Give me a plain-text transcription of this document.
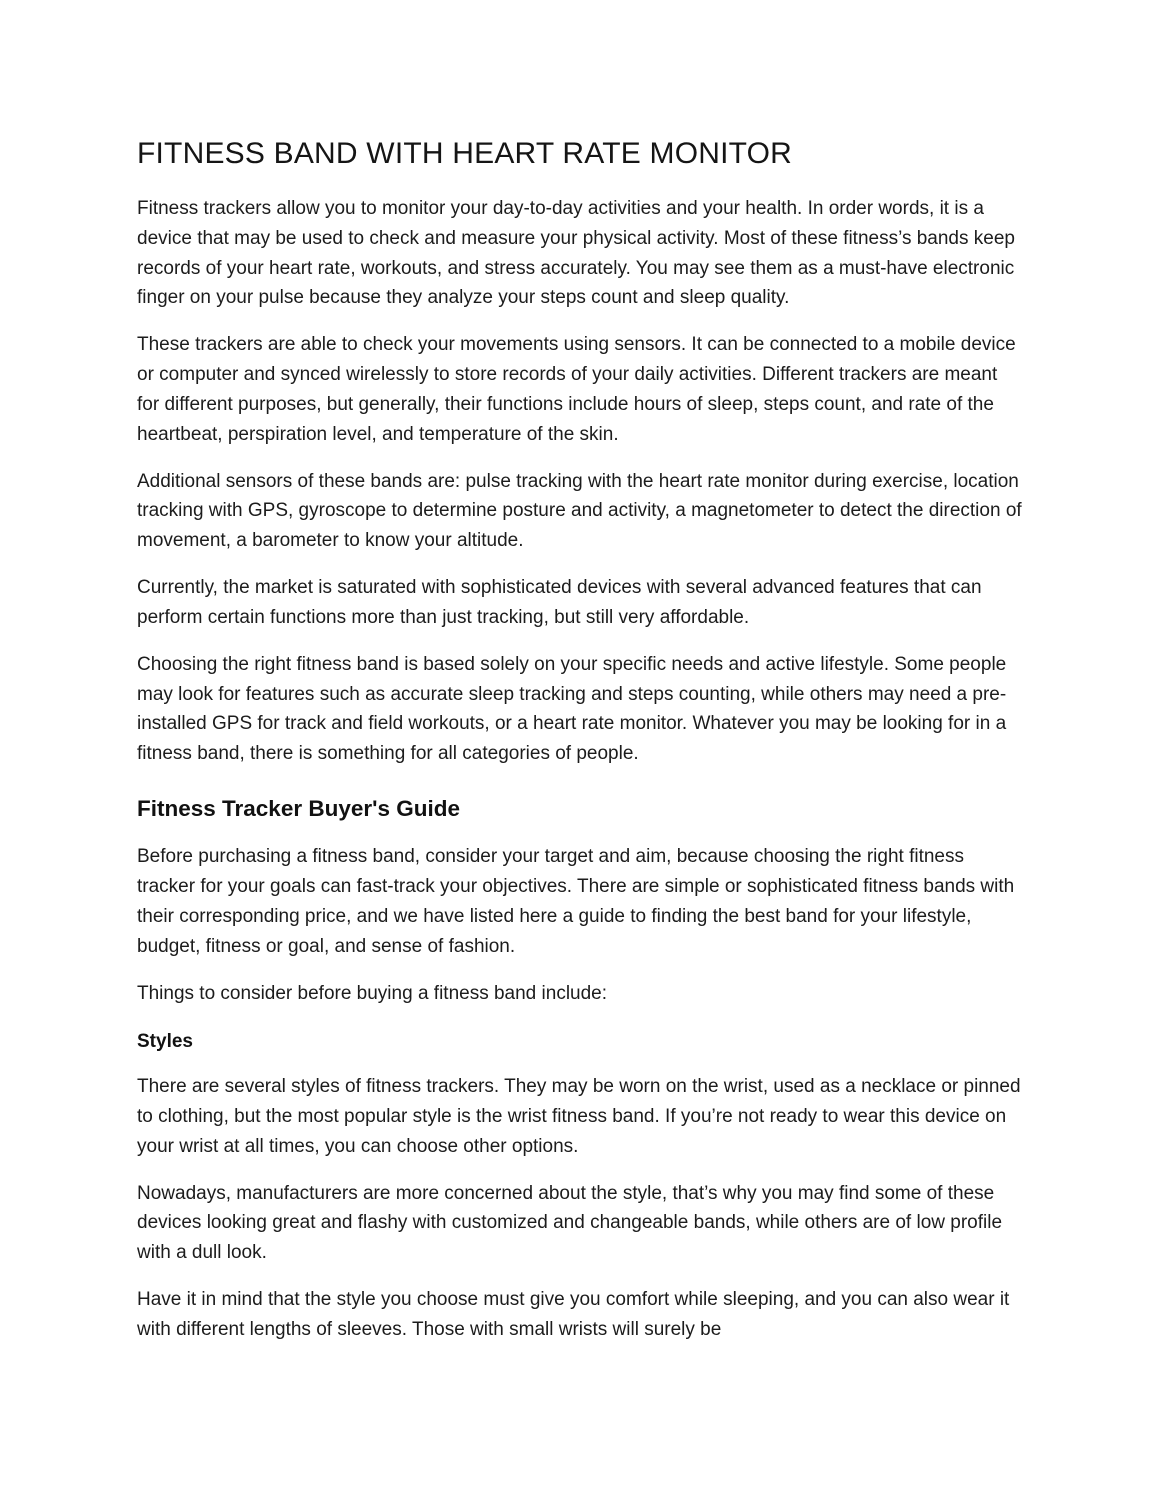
FITNESS BAND WITH HEART RATE MONITOR

Fitness trackers allow you to monitor your day-to-day activities and your health. In order words, it is a device that may be used to check and measure your physical activity. Most of these fitness’s bands keep records of your heart rate, workouts, and stress accurately. You may see them as a must-have electronic finger on your pulse because they analyze your steps count and sleep quality.

These trackers are able to check your movements using sensors. It can be connected to a mobile device or computer and synced wirelessly to store records of your daily activities. Different trackers are meant for different purposes, but generally, their functions include hours of sleep, steps count, and rate of the heartbeat, perspiration level, and temperature of the skin.

Additional sensors of these bands are: pulse tracking with the heart rate monitor during exercise, location tracking with GPS, gyroscope to determine posture and activity, a magnetometer to detect the direction of movement, a barometer to know your altitude.

Currently, the market is saturated with sophisticated devices with several advanced features that can perform certain functions more than just tracking, but still very affordable.

Choosing the right fitness band is based solely on your specific needs and active lifestyle. Some people may look for features such as accurate sleep tracking and steps counting, while others may need a pre-installed GPS for track and field workouts, or a heart rate monitor. Whatever you may be looking for in a fitness band, there is something for all categories of people.

Fitness Tracker Buyer's Guide

Before purchasing a fitness band, consider your target and aim, because choosing the right fitness tracker for your goals can fast-track your objectives. There are simple or sophisticated fitness bands with their corresponding price, and we have listed here a guide to finding the best band for your lifestyle, budget, fitness or goal, and sense of fashion.

Things to consider before buying a fitness band include:

Styles

There are several styles of fitness trackers. They may be worn on the wrist, used as a necklace or pinned to clothing, but the most popular style is the wrist fitness band. If you’re not ready to wear this device on your wrist at all times, you can choose other options.

Nowadays, manufacturers are more concerned about the style, that’s why you may find some of these devices looking great and flashy with customized and changeable bands, while others are of low profile with a dull look.

Have it in mind that the style you choose must give you comfort while sleeping, and you can also wear it with different lengths of sleeves. Those with small wrists will surely be
